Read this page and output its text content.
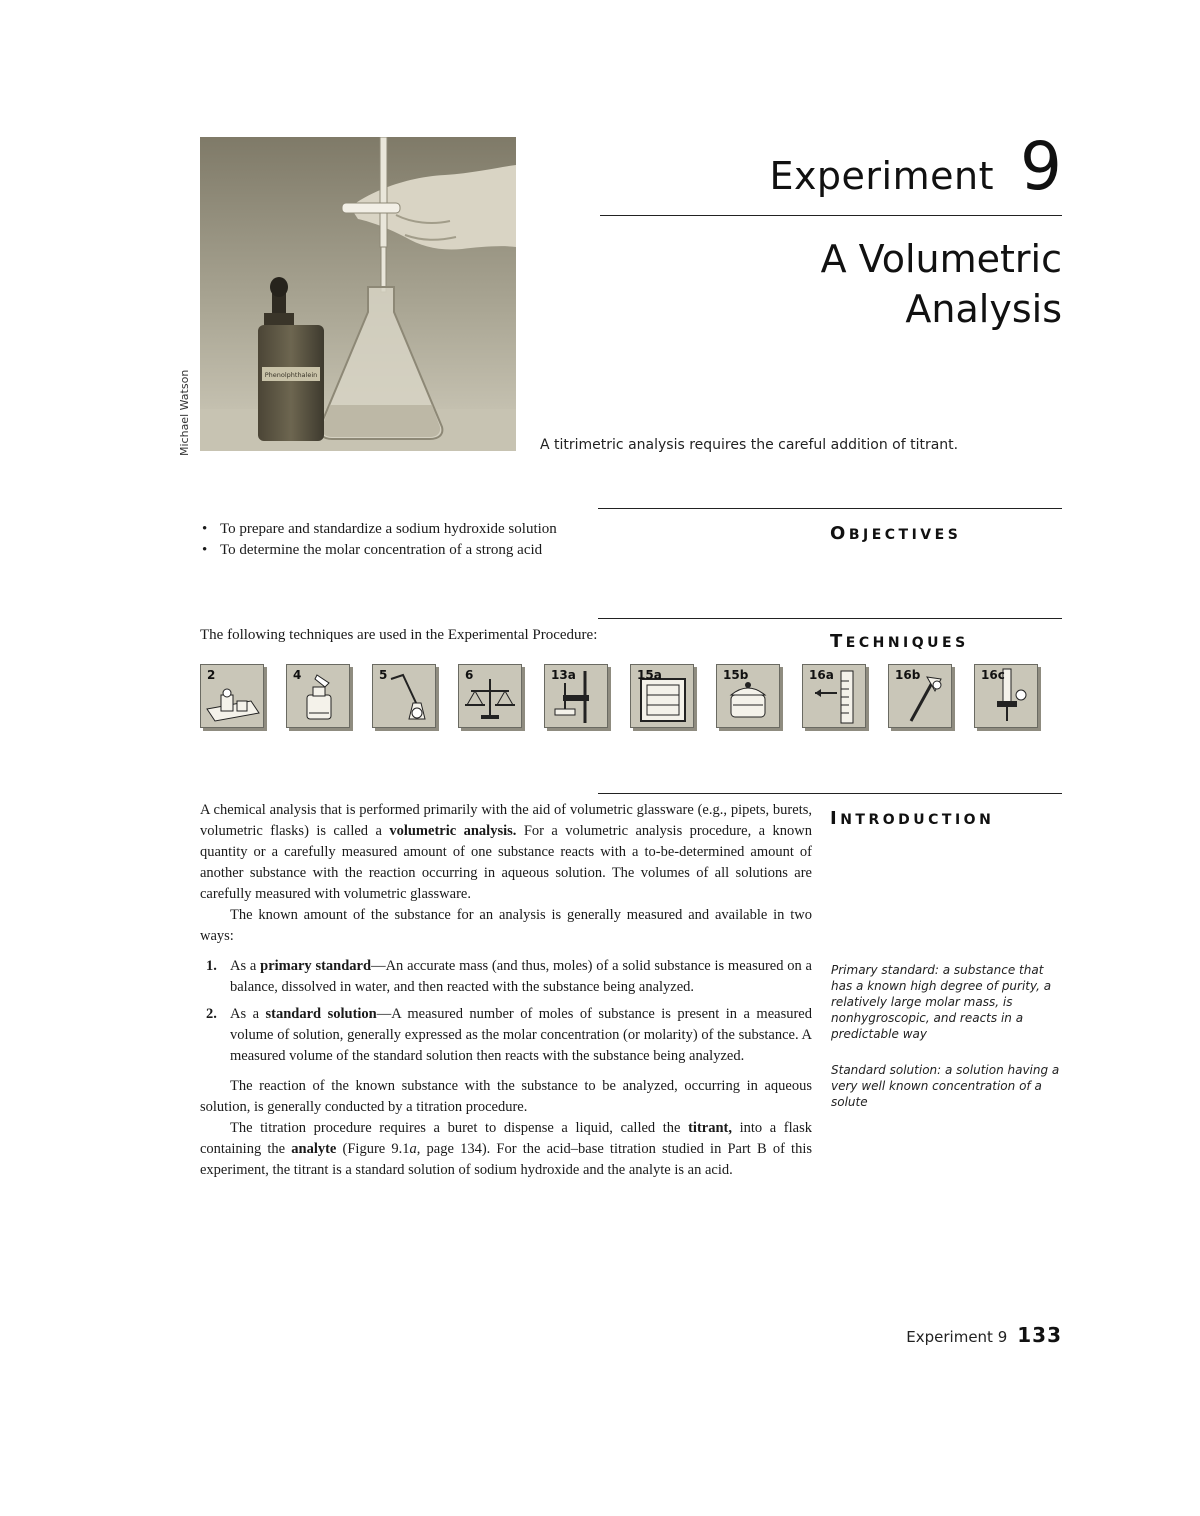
Phenolphthalein
Michael Watson	A titrimetric analysis requires the careful addition of titrant.
Experiment 9
A Volumetric
Analysis
OBJECTIVES
• To prepare and standardize a sodium hydroxide solution
• To determine the molar concentration of a strong acid
TECHNIQUES
The following techniques are used in the Experimental Procedure:
2	4	5	6	13a	15a	15b	16a	16b	16c
INTRODUCTION

A chemical analysis that is performed primarily with the aid of volumetric glassware (e.g., pipets, burets, volumetric flasks) is called a volumetric analysis. For a volumetric analysis procedure, a known quantity or a carefully measured amount of one substance reacts with a to-be-determined amount of another substance with the reaction occurring in aqueous solution. The volumes of all solutions are carefully measured with volumetric glassware.

The known amount of the substance for an analysis is generally measured and available in two ways:

1. As a primary standard—An accurate mass (and thus, moles) of a solid substance is measured on a balance, dissolved in water, and then reacted with the substance being analyzed.
2. As a standard solution—A measured number of moles of substance is present in a measured volume of solution, generally expressed as the molar concentration (or molarity) of the substance. A measured volume of the standard solution then reacts with the substance being analyzed.

The reaction of the known substance with the substance to be analyzed, occurring in aqueous solution, is generally conducted by a titration procedure.

The titration procedure requires a buret to dispense a liquid, called the titrant, into a flask containing the analyte (Figure 9.1a, page 134). For the acid–base titration studied in Part B of this experiment, the titrant is a standard solution of sodium hydroxide and the analyte is an acid.

Primary standard: a substance that has a known high degree of purity, a relatively large molar mass, is nonhygroscopic, and reacts in a predictable way
Standard solution: a solution having a very well known concentration of a solute
Experiment 9 133
